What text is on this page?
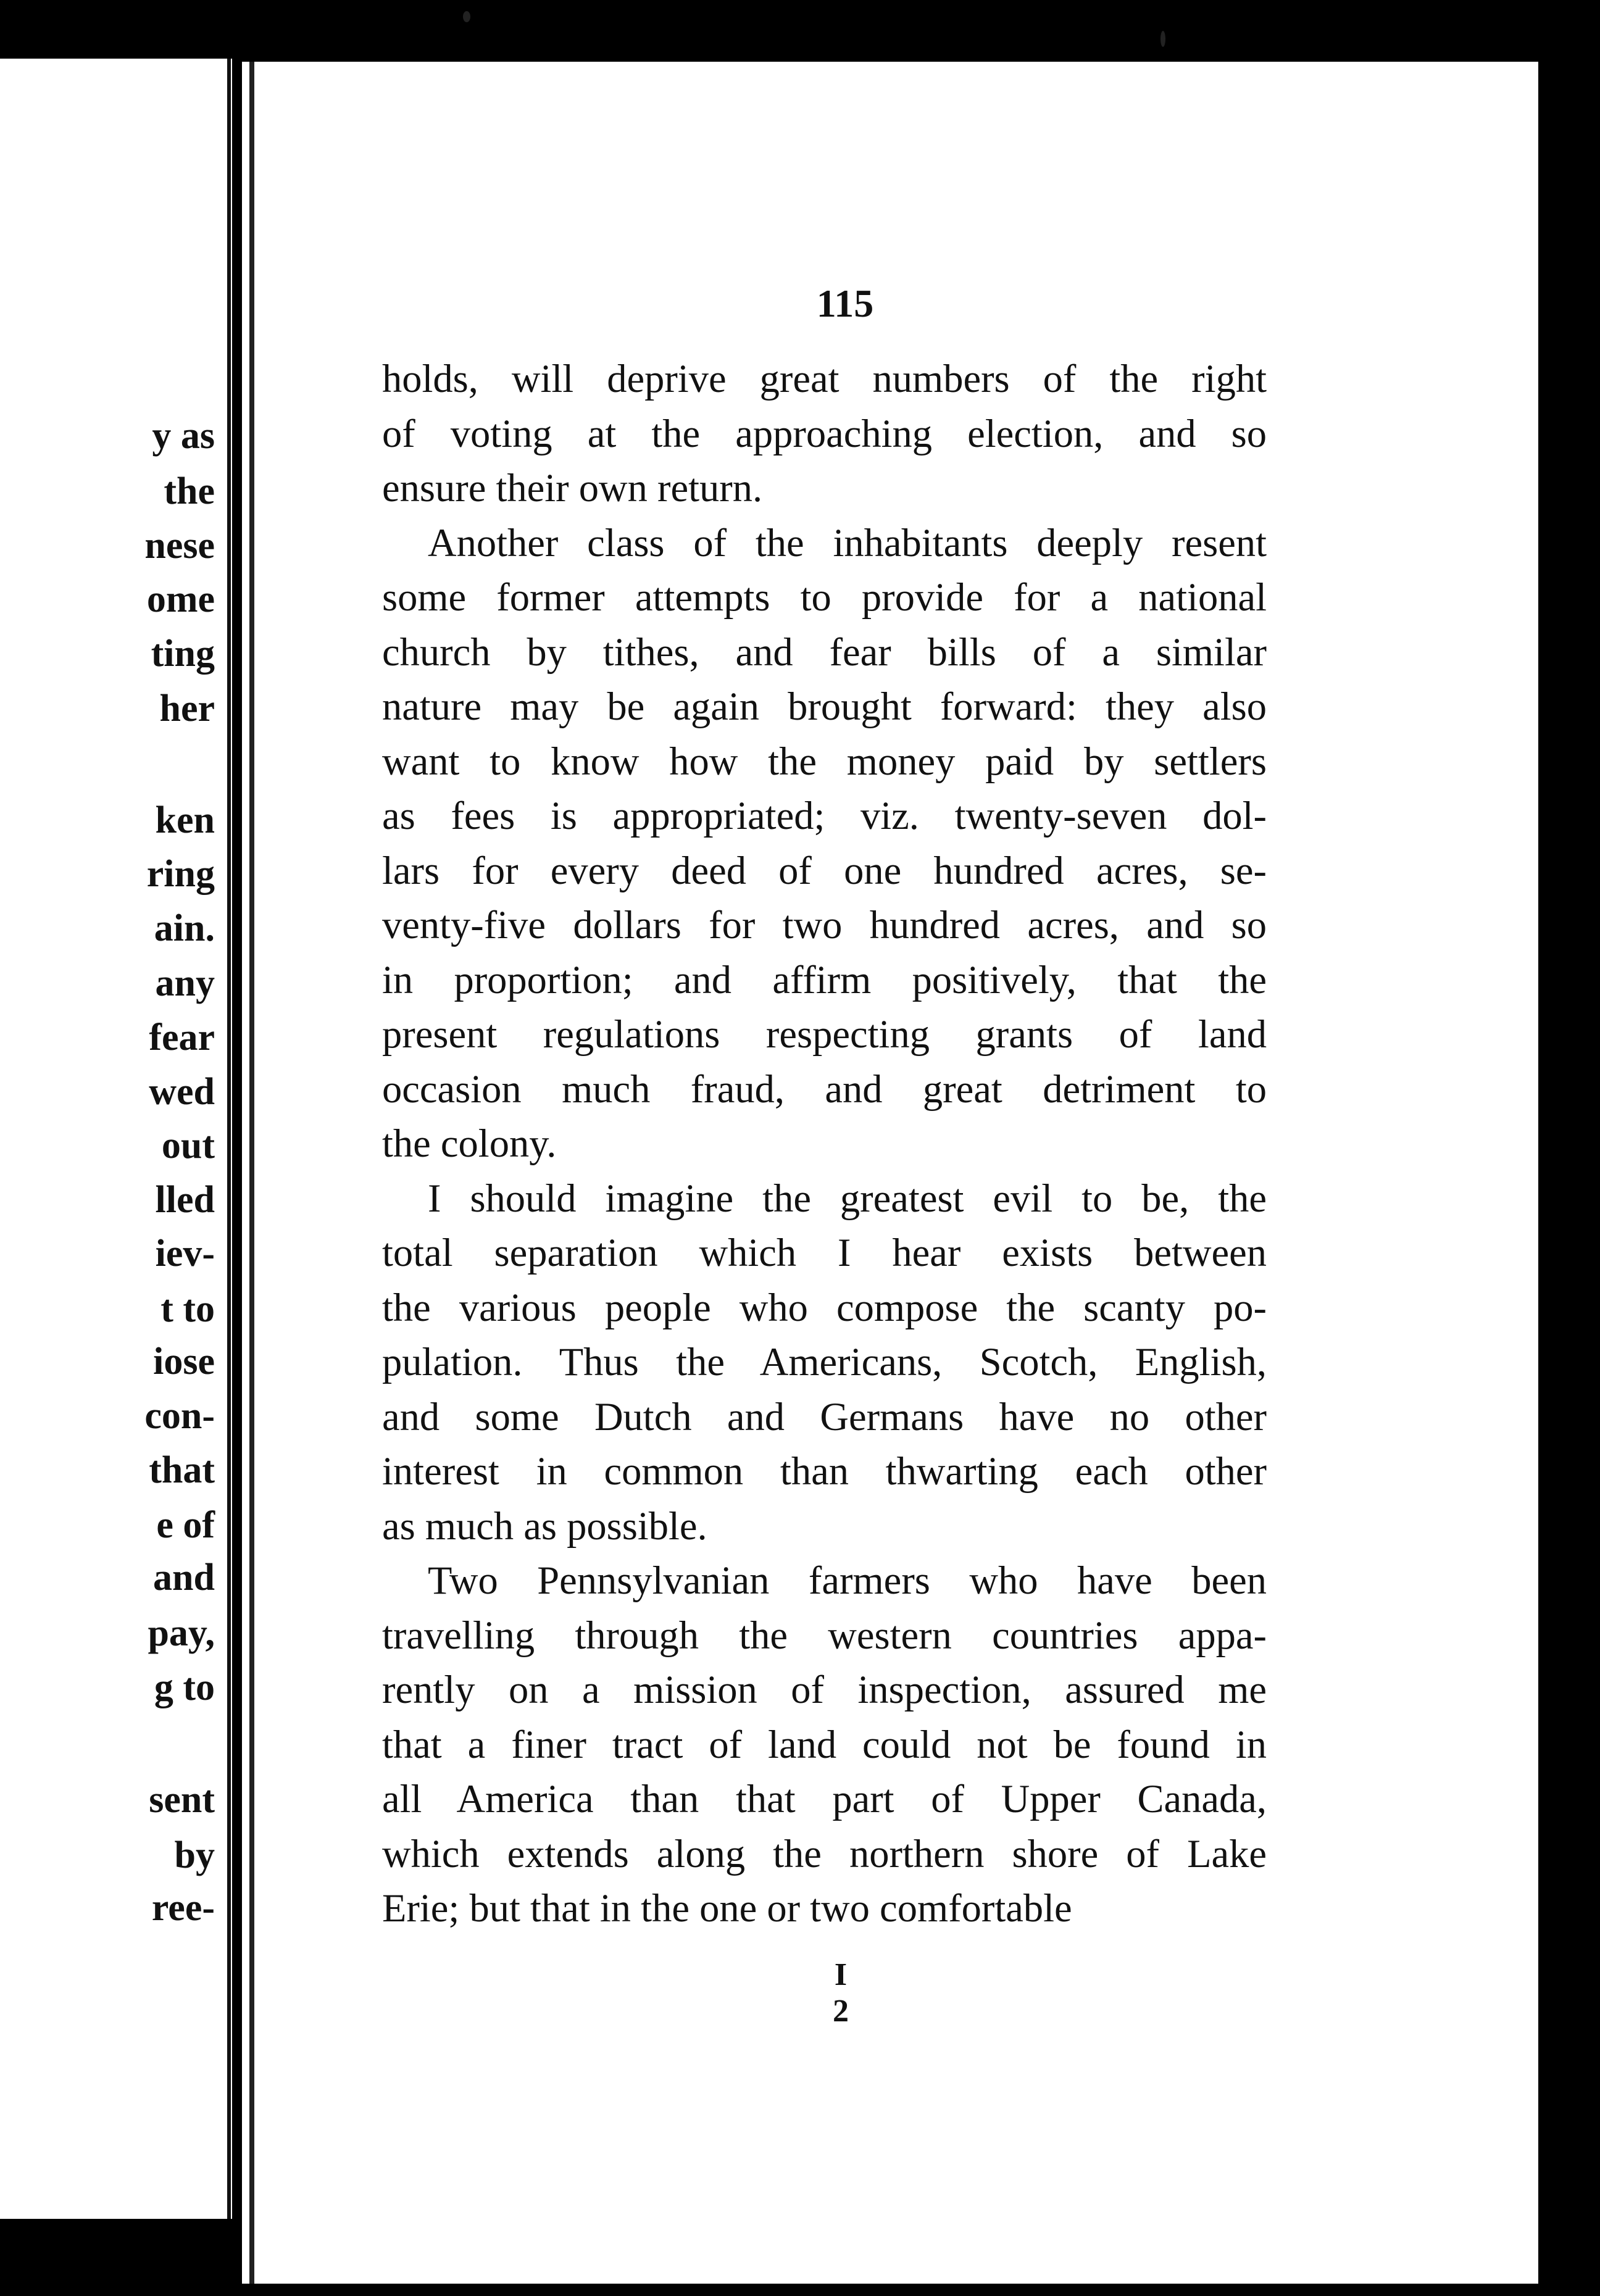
y as
the
nese
ome
ting
her
ken
ring
ain.
any
fear
wed
out
lled
iev-
t to
iose
con-
that
e of
and
pay,
g to
sent
by
ree-
115
holds, will deprive great numbers of the right
of voting at the approaching election, and so
ensure their own return.
Another class of the inhabitants deeply resent
some former attempts to provide for a national
church by tithes, and fear bills of a similar
nature may be again brought forward: they also
want to know how the money paid by settlers
as fees is appropriated; viz. twenty-seven dol-
lars for every deed of one hundred acres, se-
venty-five dollars for two hundred acres, and so
in proportion; and affirm positively, that the
present regulations respecting grants of land
occasion much fraud, and great detriment to
the colony.
I should imagine the greatest evil to be, the
total separation which I hear exists between
the various people who compose the scanty po-
pulation. Thus the Americans, Scotch, English,
and some Dutch and Germans have no other
interest in common than thwarting each other
as much as possible.
Two Pennsylvanian farmers who have been
travelling through the western countries appa-
rently on a mission of inspection, assured me
that a finer tract of land could not be found in
all America than that part of Upper Canada,
which extends along the northern shore of Lake
Erie; but that in the one or two comfortable
I 2
